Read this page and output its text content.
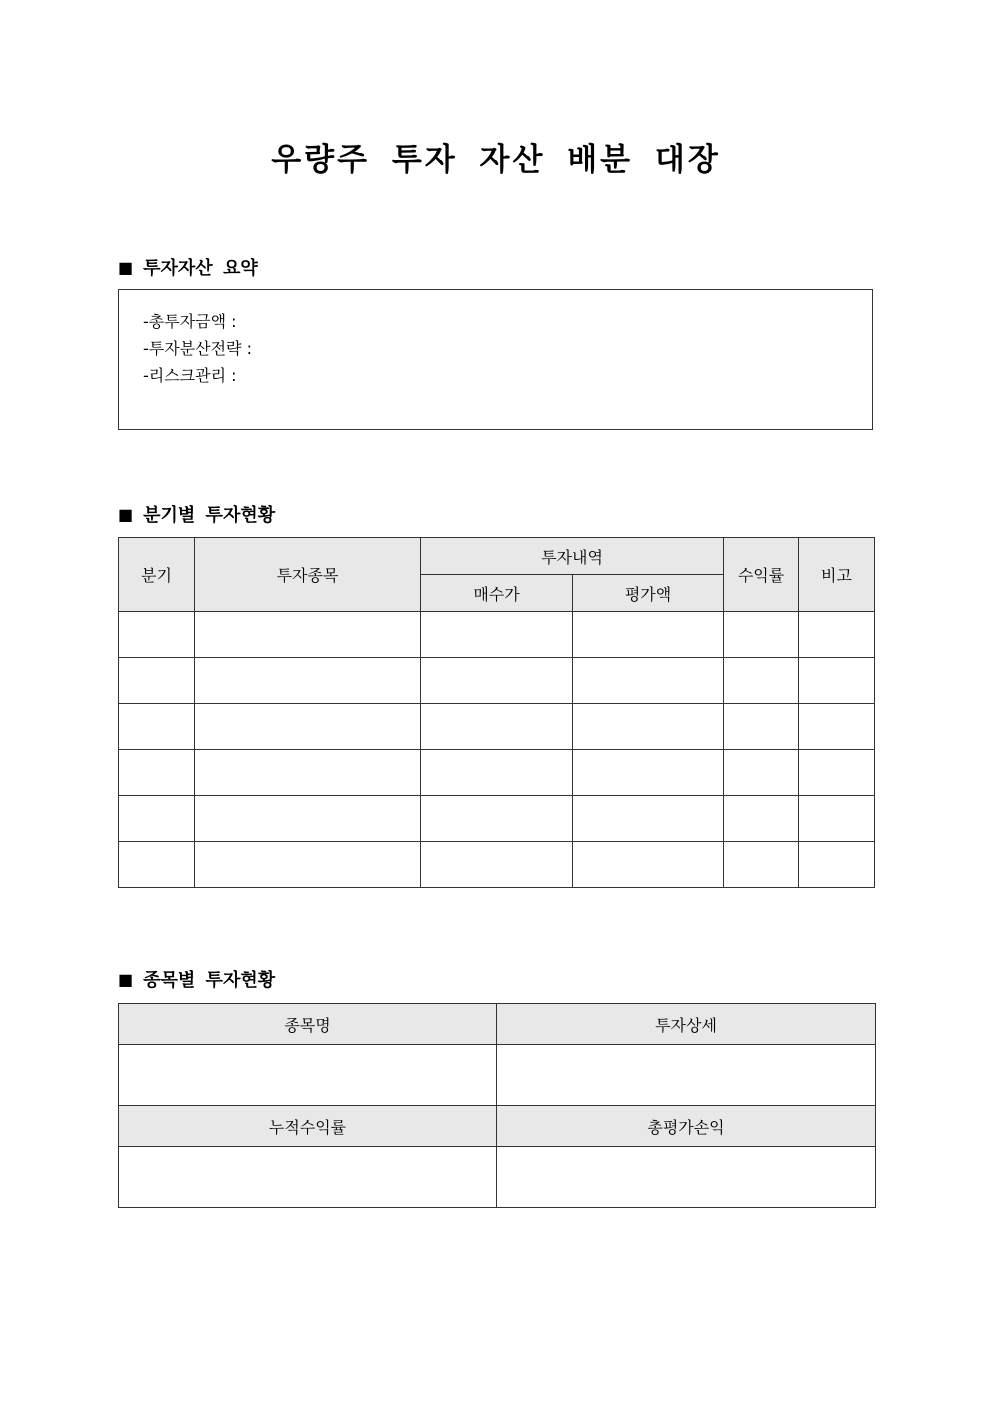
우량주 투자 자산 배분 대장
■ 투자자산 요약
-총투자금액 :
-투자분산전략 :
-리스크관리 :
■ 분기별 투자현황
분기	투자종목	투자내역		수익률	비고
		매수가	평가액		

■ 종목별 투자현황
종목명	투자상세

누적수익률	총평가손익
